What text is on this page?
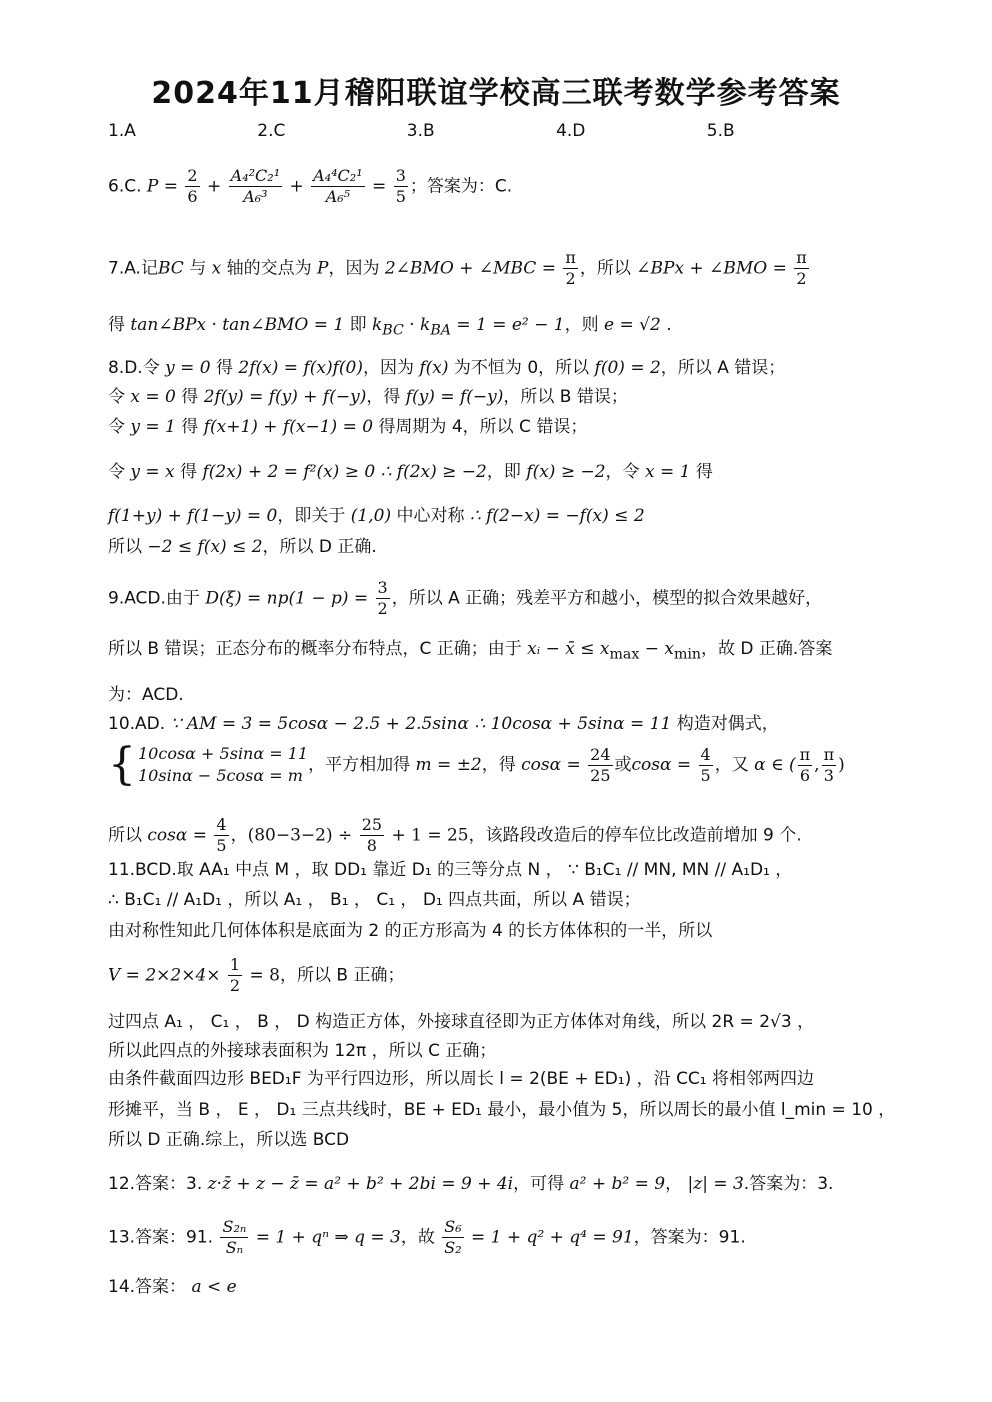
2024年11月稽阳联谊学校高三联考数学参考答案
1.A	2.C	3.B	4.D	5.B
6.C. $P = \frac{2}{6} + \frac{\text{A₄²C₂¹}}{\text{A₆³}} + \frac{\text{A₄⁴C₂¹}}{\text{A₆⁵}} = \frac{3}{5}$ ；答案为：C.
7.A.记BC 与 x 轴的交点为 P，因为 2∠BMO + ∠MBC = $\frac{\pi}{2}$ ，所以 ∠BPx + ∠BMO = $\frac{\pi}{2}$
得 tan∠BPx · tan∠BMO = 1 即 $k_{BC} \cdot k_{BA} = 1 = e^2 - 1$，则 e = √2 .
8.D.令 y = 0 得 2f(x) = f(x)f(0)，因为 f(x) 为不恒为 0，所以 f(0) = 2，所以 A 错误；
令 x = 0 得 2f(y) = f(y) + f(−y)，得 f(y) = f(−y)，所以 B 错误；
令 y = 1 得 f(x+1) + f(x−1) = 0 得周期为 4，所以 C 错误；
令 y = x 得 f(2x) + 2 = f²(x) ≥ 0 ∴ f(2x) ≥ −2，即 f(x) ≥ −2，令 x = 1 得
f(1+y) + f(1−y) = 0，即关于 (1,0) 中心对称 ∴ f(2−x) = −f(x) ≤ 2
所以 −2 ≤ f(x) ≤ 2，所以 D 正确.
9.ACD.由于 $D(\xi) = np(1 - p) = \frac{3}{2}$ ，所以 A 正确；残差平方和越小，模型的拟合效果越好，
所以 B 错误；正态分布的概率分布特点，C 正确；由于 xᵢ − x̄ ≤ $x_{max} - x_{min}$，故 D 正确.答案
为：ACD.
10.AD. ∵ AM = 3 = 5cosα − 2.5 + 2.5sinα ∴ 10cosα + 5sinα = 11 构造对偶式，
{ 10cosα + 5sinα = 11
10sinα − 5cosα = m
，平方相加得 m = ±2，得 $\cos\alpha = \frac{24}{25}$ 或$\cos\alpha = \frac{4}{5}$ ，又 α ∈ ( $\frac{\pi}{6}$ , $\frac{\pi}{3}$ )
所以 $\cos\alpha = \frac{4}{5}$ ，$(80-3-2) \div \frac{25}{8} + 1 = 25$，该路段改造后的停车位比改造前增加 9 个.
11.BCD.取 AA₁ 中点 M ，取 DD₁ 靠近 D₁ 的三等分点 N ， ∵ B₁C₁ // MN, MN // A₁D₁ ，
∴ B₁C₁ // A₁D₁ ，所以 A₁ ， B₁ ， C₁ ， D₁ 四点共面，所以 A 错误；
由对称性知此几何体体积是底面为 2 的正方形高为 4 的长方体体积的一半，所以
$V = 2\times 2\times 4\times \frac{1}{2} = 8$，所以 B 正确；
过四点 A₁ ， C₁ ， B ， D 构造正方体，外接球直径即为正方体体对角线，所以 2R = 2√3 ，
所以此四点的外接球表面积为 12π ，所以 C 正确；
由条件截面四边形 BED₁F 为平行四边形，所以周长 l = 2(BE + ED₁) ，沿 CC₁ 将相邻两四边
形摊平，当 B ， E ， D₁ 三点共线时，BE + ED₁ 最小，最小值为 5，所以周长的最小值 l_min = 10 ，
所以 D 正确.综上，所以选 BCD
12.答案：3. z·z̄ + z − z̄ = a² + b² + 2bi = 9 + 4i，可得 a² + b² = 9， |z| = 3.答案为：3.
13.答案：91. $\frac{\text{S₂ₙ}}{\text{Sₙ}} = 1 + q^n$ ⇒ q = 3，故 $\frac{\text{S₆}}{\text{S₂}} = 1 + q^2 + q^4 = 91$，答案为：91.
14.答案： a < e
